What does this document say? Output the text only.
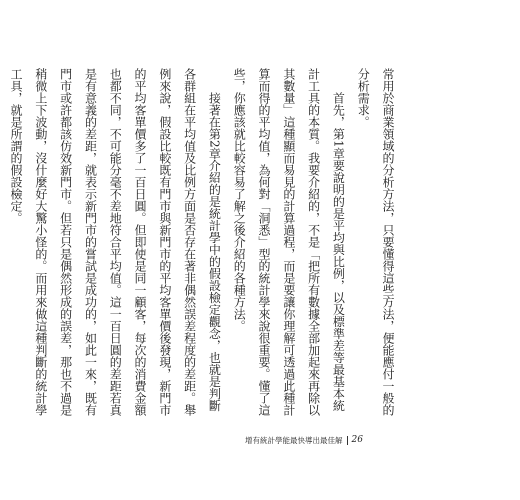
常用於商業領域的分析方法，只要懂得這些方法，便能應付一般的分析需求。

首先，第1章要說明的是平均與比例，以及標準差等最基本統計工具的本質。我要介紹的，不是「把所有數據全部加起來再除以其數量」這種顯而易見的計算過程，而是要讓你理解可透過此種計算而得的平均值，為何對「洞悉」型的統計學來說很重要。懂了這些，你應該就比較容易了解之後介紹的各種方法。

接著在第2章介紹的是統計學中的假設檢定觀念，也就是判斷各群組在平均值及比例方面是否存在著非偶然誤差程度的差距。舉例來說，假設比較既有門市與新門市的平均客單價後發現，新門市的平均客單價多了一百日圓。但即使是同一顧客，每次的消費金額也都不同，不可能分毫不差地符合平均值。這一百日圓的差距若真是有意義的差距，就表示新門市的嘗試是成功的，如此一來，既有門市或許都該仿效新門市。但若只是偶然形成的誤差，那也不過是稍微上下波動，沒什麼好大驚小怪的。而用來做這種判斷的統計學工具，就是所謂的假設檢定。

增有統計學能最快導出最佳解 26
